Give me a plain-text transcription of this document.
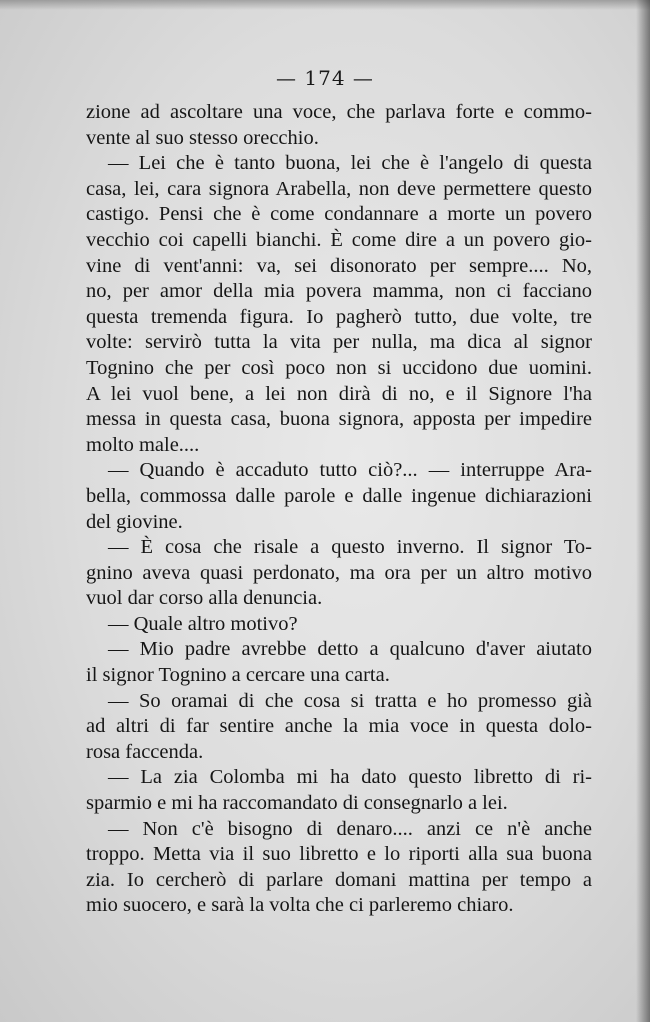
— 174 —
zione ad ascoltare una voce, che parlava forte e commo-
vente al suo stesso orecchio.
— Lei che è tanto buona, lei che è l'angelo di questa
casa, lei, cara signora Arabella, non deve permettere questo
castigo. Pensi che è come condannare a morte un povero
vecchio coi capelli bianchi. È come dire a un povero gio-
vine di vent'anni: va, sei disonorato per sempre.... No,
no, per amor della mia povera mamma, non ci facciano
questa tremenda figura. Io pagherò tutto, due volte, tre
volte: servirò tutta la vita per nulla, ma dica al signor
Tognino che per così poco non si uccidono due uomini.
A lei vuol bene, a lei non dirà di no, e il Signore l'ha
messa in questa casa, buona signora, apposta per impedire
molto male....
— Quando è accaduto tutto ciò?... — interruppe Ara-
bella, commossa dalle parole e dalle ingenue dichiarazioni
del giovine.
— È cosa che risale a questo inverno. Il signor To-
gnino aveva quasi perdonato, ma ora per un altro motivo
vuol dar corso alla denuncia.
— Quale altro motivo?
— Mio padre avrebbe detto a qualcuno d'aver aiutato
il signor Tognino a cercare una carta.
— So oramai di che cosa si tratta e ho promesso già
ad altri di far sentire anche la mia voce in questa dolo-
rosa faccenda.
— La zia Colomba mi ha dato questo libretto di ri-
sparmio e mi ha raccomandato di consegnarlo a lei.
— Non c'è bisogno di denaro.... anzi ce n'è anche
troppo. Metta via il suo libretto e lo riporti alla sua buona
zia. Io cercherò di parlare domani mattina per tempo a
mio suocero, e sarà la volta che ci parleremo chiaro.
